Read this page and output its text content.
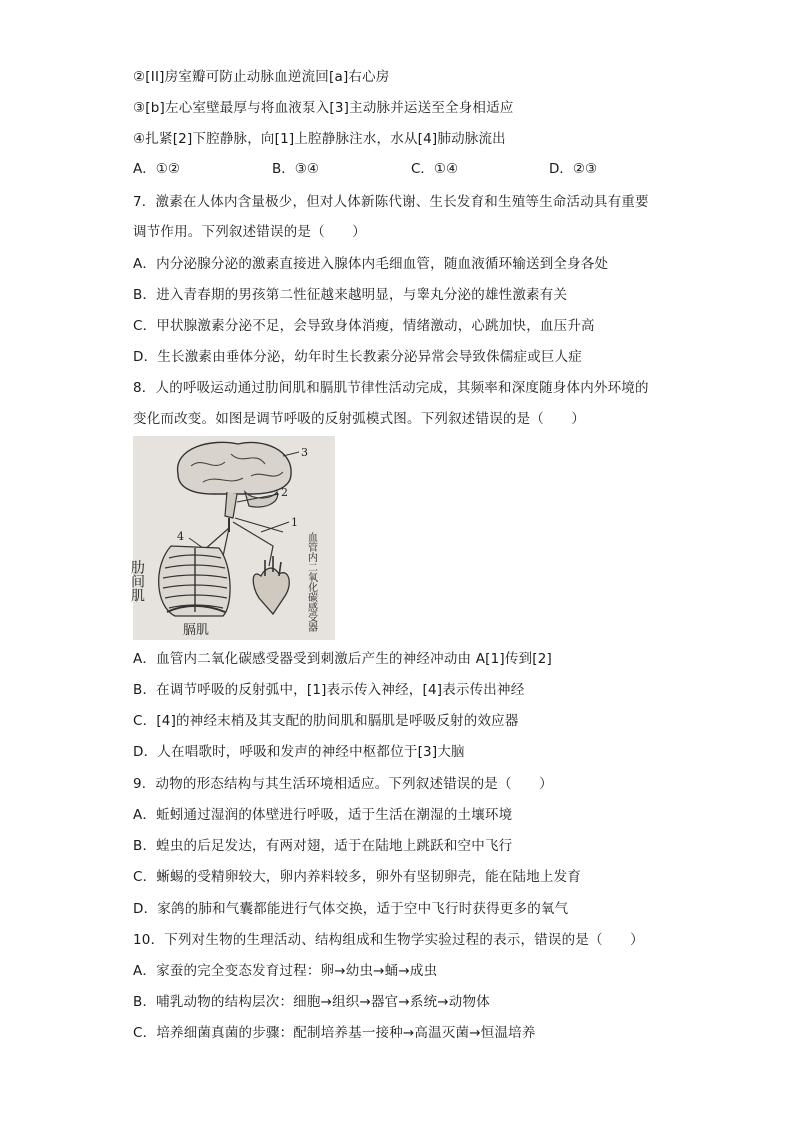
②[II]房室瓣可防止动脉血逆流回[a]右心房
③[b]左心室壁最厚与将血液泵入[3]主动脉并运送至全身相适应
④扎紧[2]下腔静脉，向[1]上腔静脉注水，水从[4]肺动脉流出
A．①②	B．③④	C．①④	D．②③
7．激素在人体内含量极少，但对人体新陈代谢、生长发育和生殖等生命活动具有重要
调节作用。下列叙述错误的是（　　）
A．内分泌腺分泌的激素直接进入腺体内毛细血管，随血液循环输送到全身各处
B．进入青春期的男孩第二性征越来越明显，与睾丸分泌的雄性激素有关
C．甲状腺激素分泌不足，会导致身体消瘦，情绪激动，心跳加快，血压升高
D．生长激素由垂体分泌，幼年时生长教素分泌异常会导致侏儒症或巨人症
8．人的呼吸运动通过肋间肌和膈肌节律性活动完成，其频率和深度随身体内外环境的
变化而改变。如图是调节呼吸的反射弧模式图。下列叙述错误的是（　　）
3
2
1
4
肋间肌
膈肌	血管内二氧化碳感受器
A．血管内二氧化碳感受器受到刺激后产生的神经冲动由 A[1]传到[2]
B．在调节呼吸的反射弧中，[1]表示传入神经，[4]表示传出神经
C．[4]的神经末梢及其支配的肋间肌和膈肌是呼吸反射的效应器
D．人在唱歌时，呼吸和发声的神经中枢都位于[3]大脑
9．动物的形态结构与其生活环境相适应。下列叙述错误的是（　　）
A．蚯蚓通过湿润的体壁进行呼吸，适于生活在潮湿的土壤环境
B．蝗虫的后足发达，有两对翅，适于在陆地上跳跃和空中飞行
C．蜥蜴的受精卵较大，卵内养料较多，卵外有坚韧卵壳，能在陆地上发育
D．家鸽的肺和气囊都能进行气体交换，适于空中飞行时获得更多的氧气
10．下列对生物的生理活动、结构组成和生物学实验过程的表示，错误的是（　　）
A．家蚕的完全变态发育过程：卵→幼虫→蛹→成虫
B．哺乳动物的结构层次：细胞→组织→器官→系统→动物体
C．培养细菌真菌的步骤：配制培养基一接种→高温灭菌→恒温培养
